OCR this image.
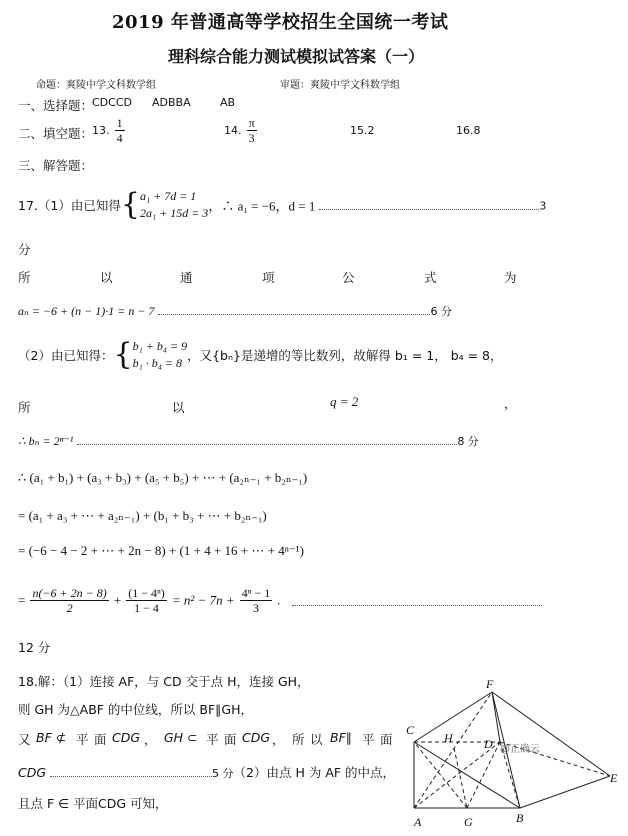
2019 年普通高等学校招生全国统一考试
理科综合能力测试模拟试答案（一）
命题：爽陵中学文科数学组	审题：爽陵中学文科数学组
一、选择题：
CDCCD ADBBA	AB
二、填空题：
13. $\frac{1}{4}$	14. $\frac{\pi}{3}$	15.2	16.8
三、解答题：
17.（1）由已知得{ a₁ + 7d = 1
2a₁ + 15d = 3 ，∴ a₁ = −6，d = 1	3
分
所	以	通	项	公	式	为
aₙ = −6 + (n − 1)·1 = n − 7	6 分
（2）由已知得：{ b₁ + b₄ = 9
b₁ · b₄ = 8 ，又{bₙ}是递增的等比数列，故解得 b₁ = 1， b₄ = 8，
所	以	q = 2	，
∴ bₙ = 2ⁿ⁻¹	8 分
∴ (a₁ + b₁) + (a₃ + b₃) + (a₅ + b₅) + ⋯ + (a₂ₙ₋₁ + b₂ₙ₋₁)
= (a₁ + a₃ + ⋯ + a₂ₙ₋₁) + (b₁ + b₃ + ⋯ + b₂ₙ₋₁)
= (−6 − 4 − 2 + ⋯ + 2n − 8) + (1 + 4 + 16 + ⋯ + 4ⁿ⁻¹)
= $\frac{n(-6 + 2n - 8)}{2} + \frac{\text{(1 − 4ⁿ)}}{1 - 4} = n^2 - 7n + \frac{\text{4ⁿ − 1}}{3}$ .
12 分
18.解：（1）连接 AF，与 CD 交于点 H，连接 GH，
则 GH 为△ABF 的中位线，所以 BF∥GH，
又 BF ⊄ 平 面 CDG ， GH ⊂ 平 面 CDG ， 所 以 BF∥ 平 面
CDG	5 分（2）由点 H 为 AF 的中点，
且点 F ∈ 平面CDG 可知，
F
C
H	D
E
A	G	B
@正确云
